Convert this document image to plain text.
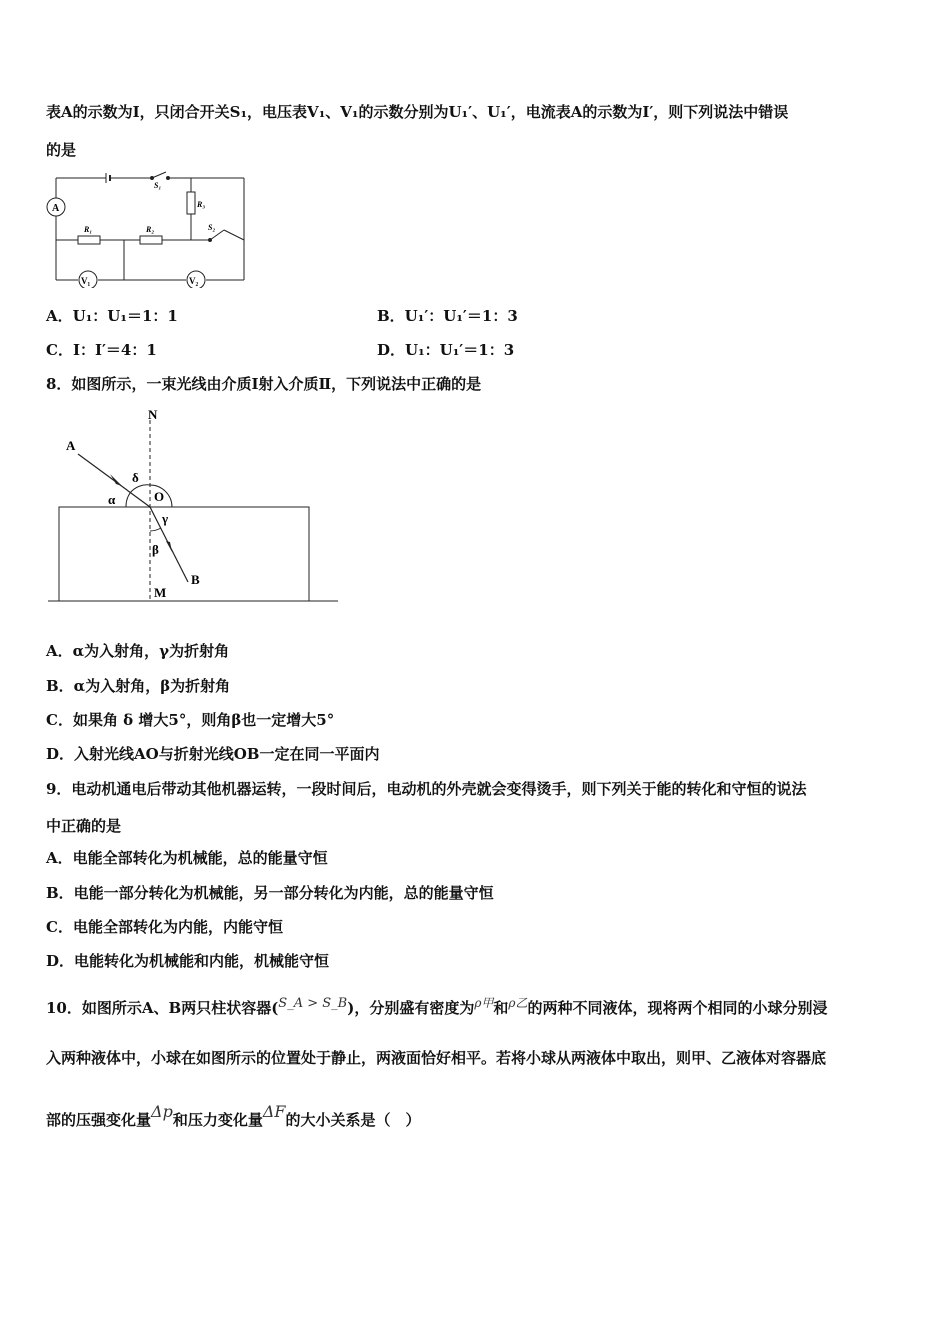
表A的示数为I，只闭合开关S₁，电压表V₁、V₁的示数分别为U₁′、U₁′，电流表A的示数为I′，则下列说法中错误
的是
S₁
A
R₁	R₂
R₃
S₂
V₁	V₂
A．U₁：U₁＝1：1	B．U₁′：U₁′＝1：3
C．I：I′＝4：1	D．U₁：U₁′＝1：3
8．如图所示，一束光线由介质Ⅰ射入介质Ⅱ，下列说法中正确的是
N
A
δ
α	O
γ
β
B
M
A．α为入射角，γ为折射角
B．α为入射角，β为折射角
C．如果角 δ 增大5°，则角β也一定增大5°
D．入射光线AO与折射光线OB一定在同一平面内
9．电动机通电后带动其他机器运转，一段时间后，电动机的外壳就会变得烫手，则下列关于能的转化和守恒的说法
中正确的是
A．电能全部转化为机械能，总的能量守恒
B．电能一部分转化为机械能，另一部分转化为内能，总的能量守恒
C．电能全部转化为内能，内能守恒
D．电能转化为机械能和内能，机械能守恒
10．如图所示A、B两只柱状容器(S_A > S_B)，分别盛有密度为$^{\rho 甲}$和$^{\rho 乙}$的两种不同液体，现将两个相同的小球分别浸
入两种液体中，小球在如图所示的位置处于静止，两液面恰好相平。若将小球从两液体中取出，则甲、乙液体对容器底
部的压强变化量Δp和压力变化量ΔF的大小关系是（　）
